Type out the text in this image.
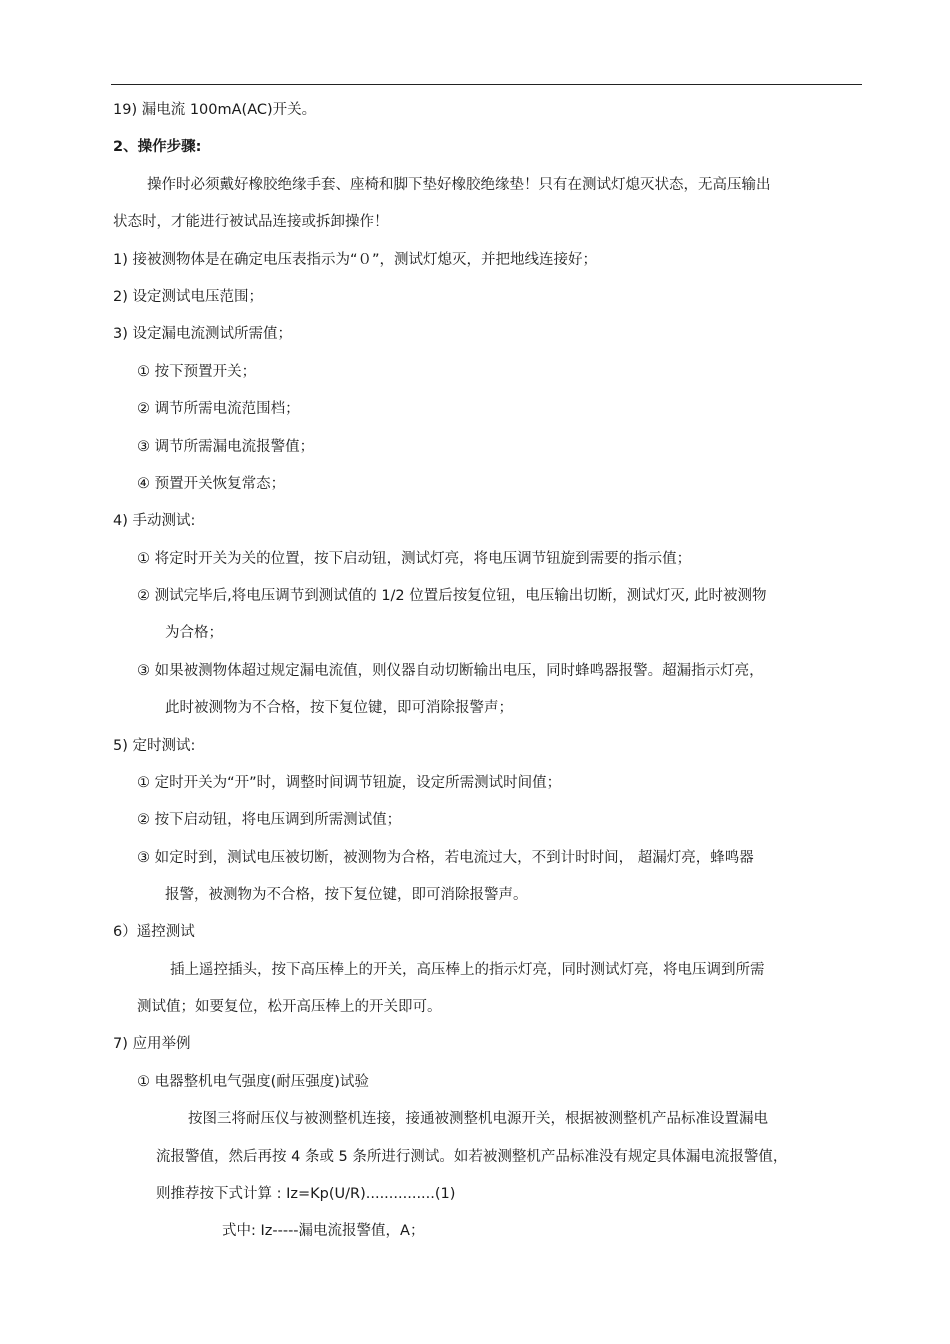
19) 漏电流 100mA(AC)开关。
2、操作步骤:
操作时必须戴好橡胶绝缘手套、座椅和脚下垫好橡胶绝缘垫！只有在测试灯熄灭状态，无高压输出
状态时，才能进行被试品连接或拆卸操作！
1) 接被测物体是在确定电压表指示为“０”，测试灯熄灭，并把地线连接好；
2) 设定测试电压范围；
3) 设定漏电流测试所需值；
① 按下预置开关；
② 调节所需电流范围档；
③ 调节所需漏电流报警值；
④ 预置开关恢复常态；
4) 手动测试:
① 将定时开关为关的位置，按下启动钮，测试灯亮，将电压调节钮旋到需要的指示值；
② 测试完毕后,将电压调节到测试值的 1/2 位置后按复位钮，电压输出切断，测试灯灭, 此时被测物
为合格；
③ 如果被测物体超过规定漏电流值，则仪器自动切断输出电压，同时蜂鸣器报警。超漏指示灯亮，
此时被测物为不合格，按下复位键，即可消除报警声；
5) 定时测试:
① 定时开关为“开”时，调整时间调节钮旋，设定所需测试时间值；
② 按下启动钮，将电压调到所需测试值；
③ 如定时到，测试电压被切断，被测物为合格，若电流过大，不到计时时间， 超漏灯亮，蜂鸣器
报警，被测物为不合格，按下复位键，即可消除报警声。
6）遥控测试
插上遥控插头，按下高压棒上的开关，高压棒上的指示灯亮，同时测试灯亮，将电压调到所需
测试值；如要复位，松开高压棒上的开关即可。
7) 应用举例
① 电器整机电气强度(耐压强度)试验
按图三将耐压仪与被测整机连接，接通被测整机电源开关，根据被测整机产品标准设置漏电
流报警值，然后再按 4 条或 5 条所进行测试。如若被测整机产品标准没有规定具体漏电流报警值，
则推荐按下式计算 : Iz=Kp(U/R)...............(1)
式中: Iz-----漏电流报警值，A；
